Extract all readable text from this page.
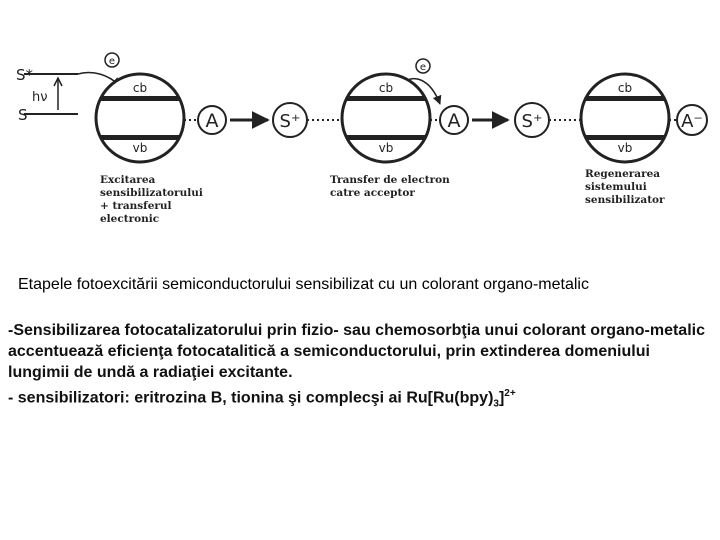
S*
hν
S
e
e
cb
vb
cb
vb
cb
vb
A	S⁺	A	S⁺	A⁻
Excitarea
sensibilizatorului
+ transferul
electronic
Transfer de electron
catre acceptor
Regenerarea
sistemului
sensibilizator
Etapele fotoexcitării semiconductorului sensibilizat cu un colorant organo-metalic

-Sensibilizarea fotocatalizatorului prin fizio- sau chemosorbţia unui colorant organo-metalic accentuează eficienţa fotocatalitică a semiconductorului, prin extinderea domeniului lungimii de undă a radiaţiei excitante.

- sensibilizatori: eritrozina B, tionina şi complecşi ai $Ru[Ru(bpy)_3]^{2+}$
